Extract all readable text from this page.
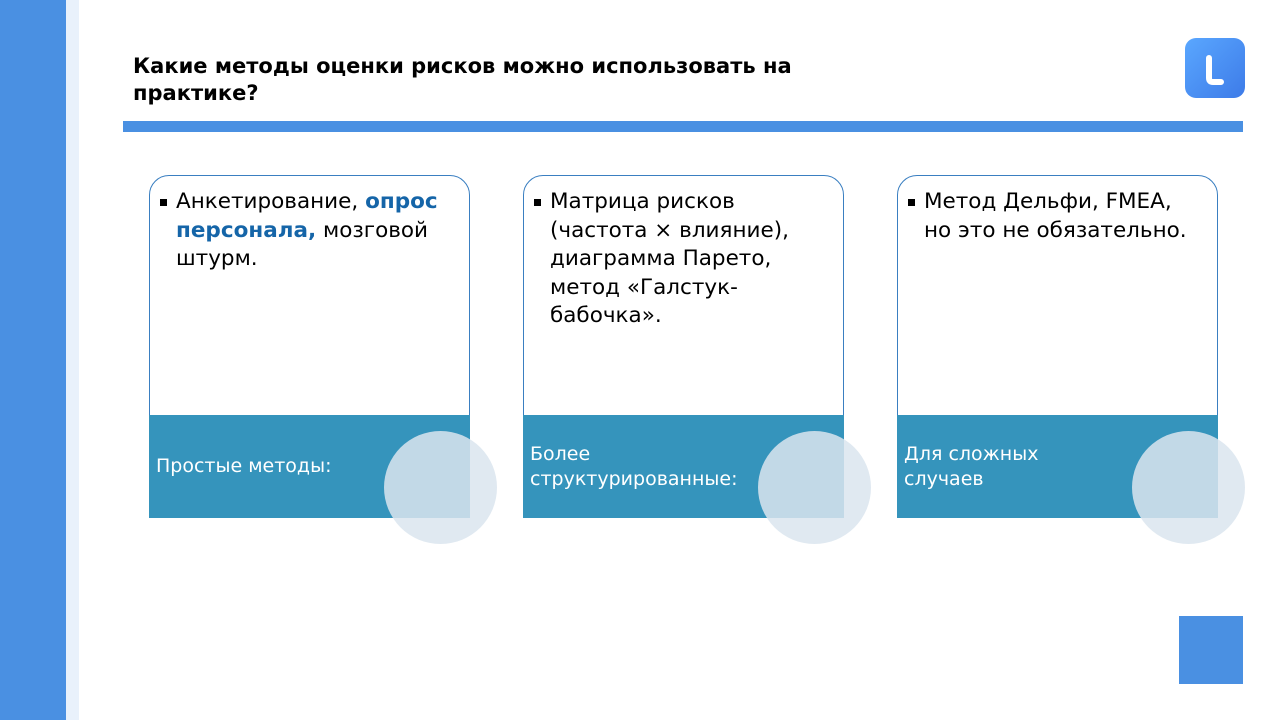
Какие методы оценки рисков можно использовать на практике?
Анкетирование, опрос персонала, мозговой штурм.
Простые методы:
Матрица рисков (частота × влияние), диаграмма Парето, метод «Галстук-бабочка».
Более структурированные:
Метод Дельфи, FMEA, но это не обязательно.
Для сложных случаев
